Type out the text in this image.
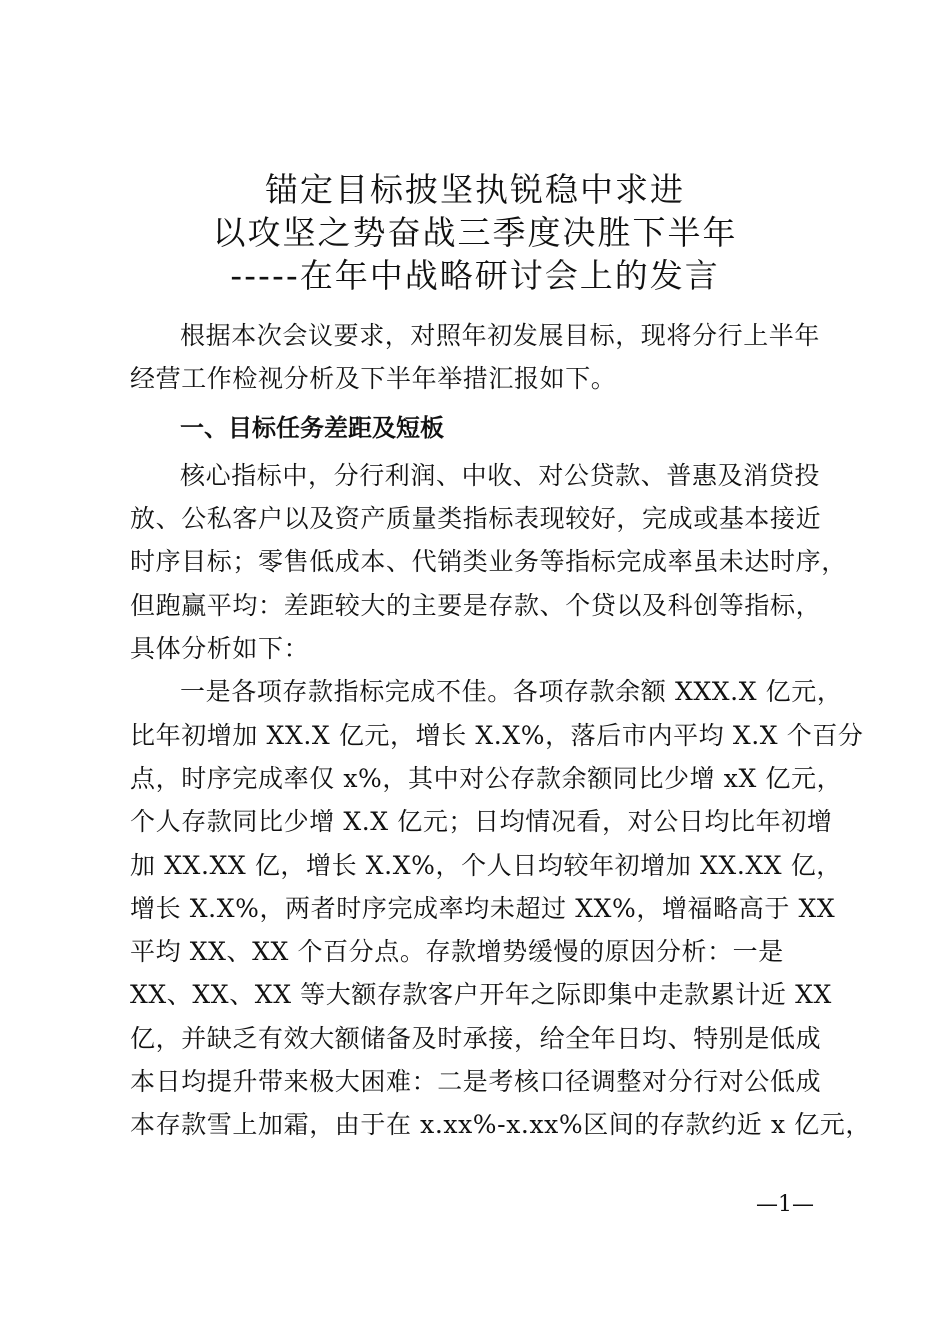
锚定目标披坚执锐稳中求进
以攻坚之势奋战三季度决胜下半年
-----在年中战略研讨会上的发言

根据本次会议要求，对照年初发展目标，现将分行上半年
经营工作检视分析及下半年举措汇报如下。

一、目标任务差距及短板

核心指标中，分行利润、中收、对公贷款、普惠及消贷投
放、公私客户以及资产质量类指标表现较好，完成或基本接近
时序目标；零售低成本、代销类业务等指标完成率虽未达时序，
但跑赢平均：差距较大的主要是存款、个贷以及科创等指标，
具体分析如下：

一是各项存款指标完成不佳。各项存款余额 XXX.X 亿元，
比年初增加 XX.X 亿元，增长 X.X%，落后市内平均 X.X 个百分
点，时序完成率仅 x%，其中对公存款余额同比少增 xX 亿元，
个人存款同比少增 X.X 亿元；日均情况看，对公日均比年初增
加 XX.XX 亿，增长 X.X%，个人日均较年初增加 XX.XX 亿，
增长 X.X%，两者时序完成率均未超过 XX%，增福略高于 XX
平均 XX、XX 个百分点。存款增势缓慢的原因分析：一是
XX、XX、XX 等大额存款客户开年之际即集中走款累计近 XX
亿，并缺乏有效大额储备及时承接，给全年日均、特别是低成
本日均提升带来极大困难：二是考核口径调整对分行对公低成
本存款雪上加霜，由于在 x.xx%-x.xx%区间的存款约近 x 亿元，

—1—
